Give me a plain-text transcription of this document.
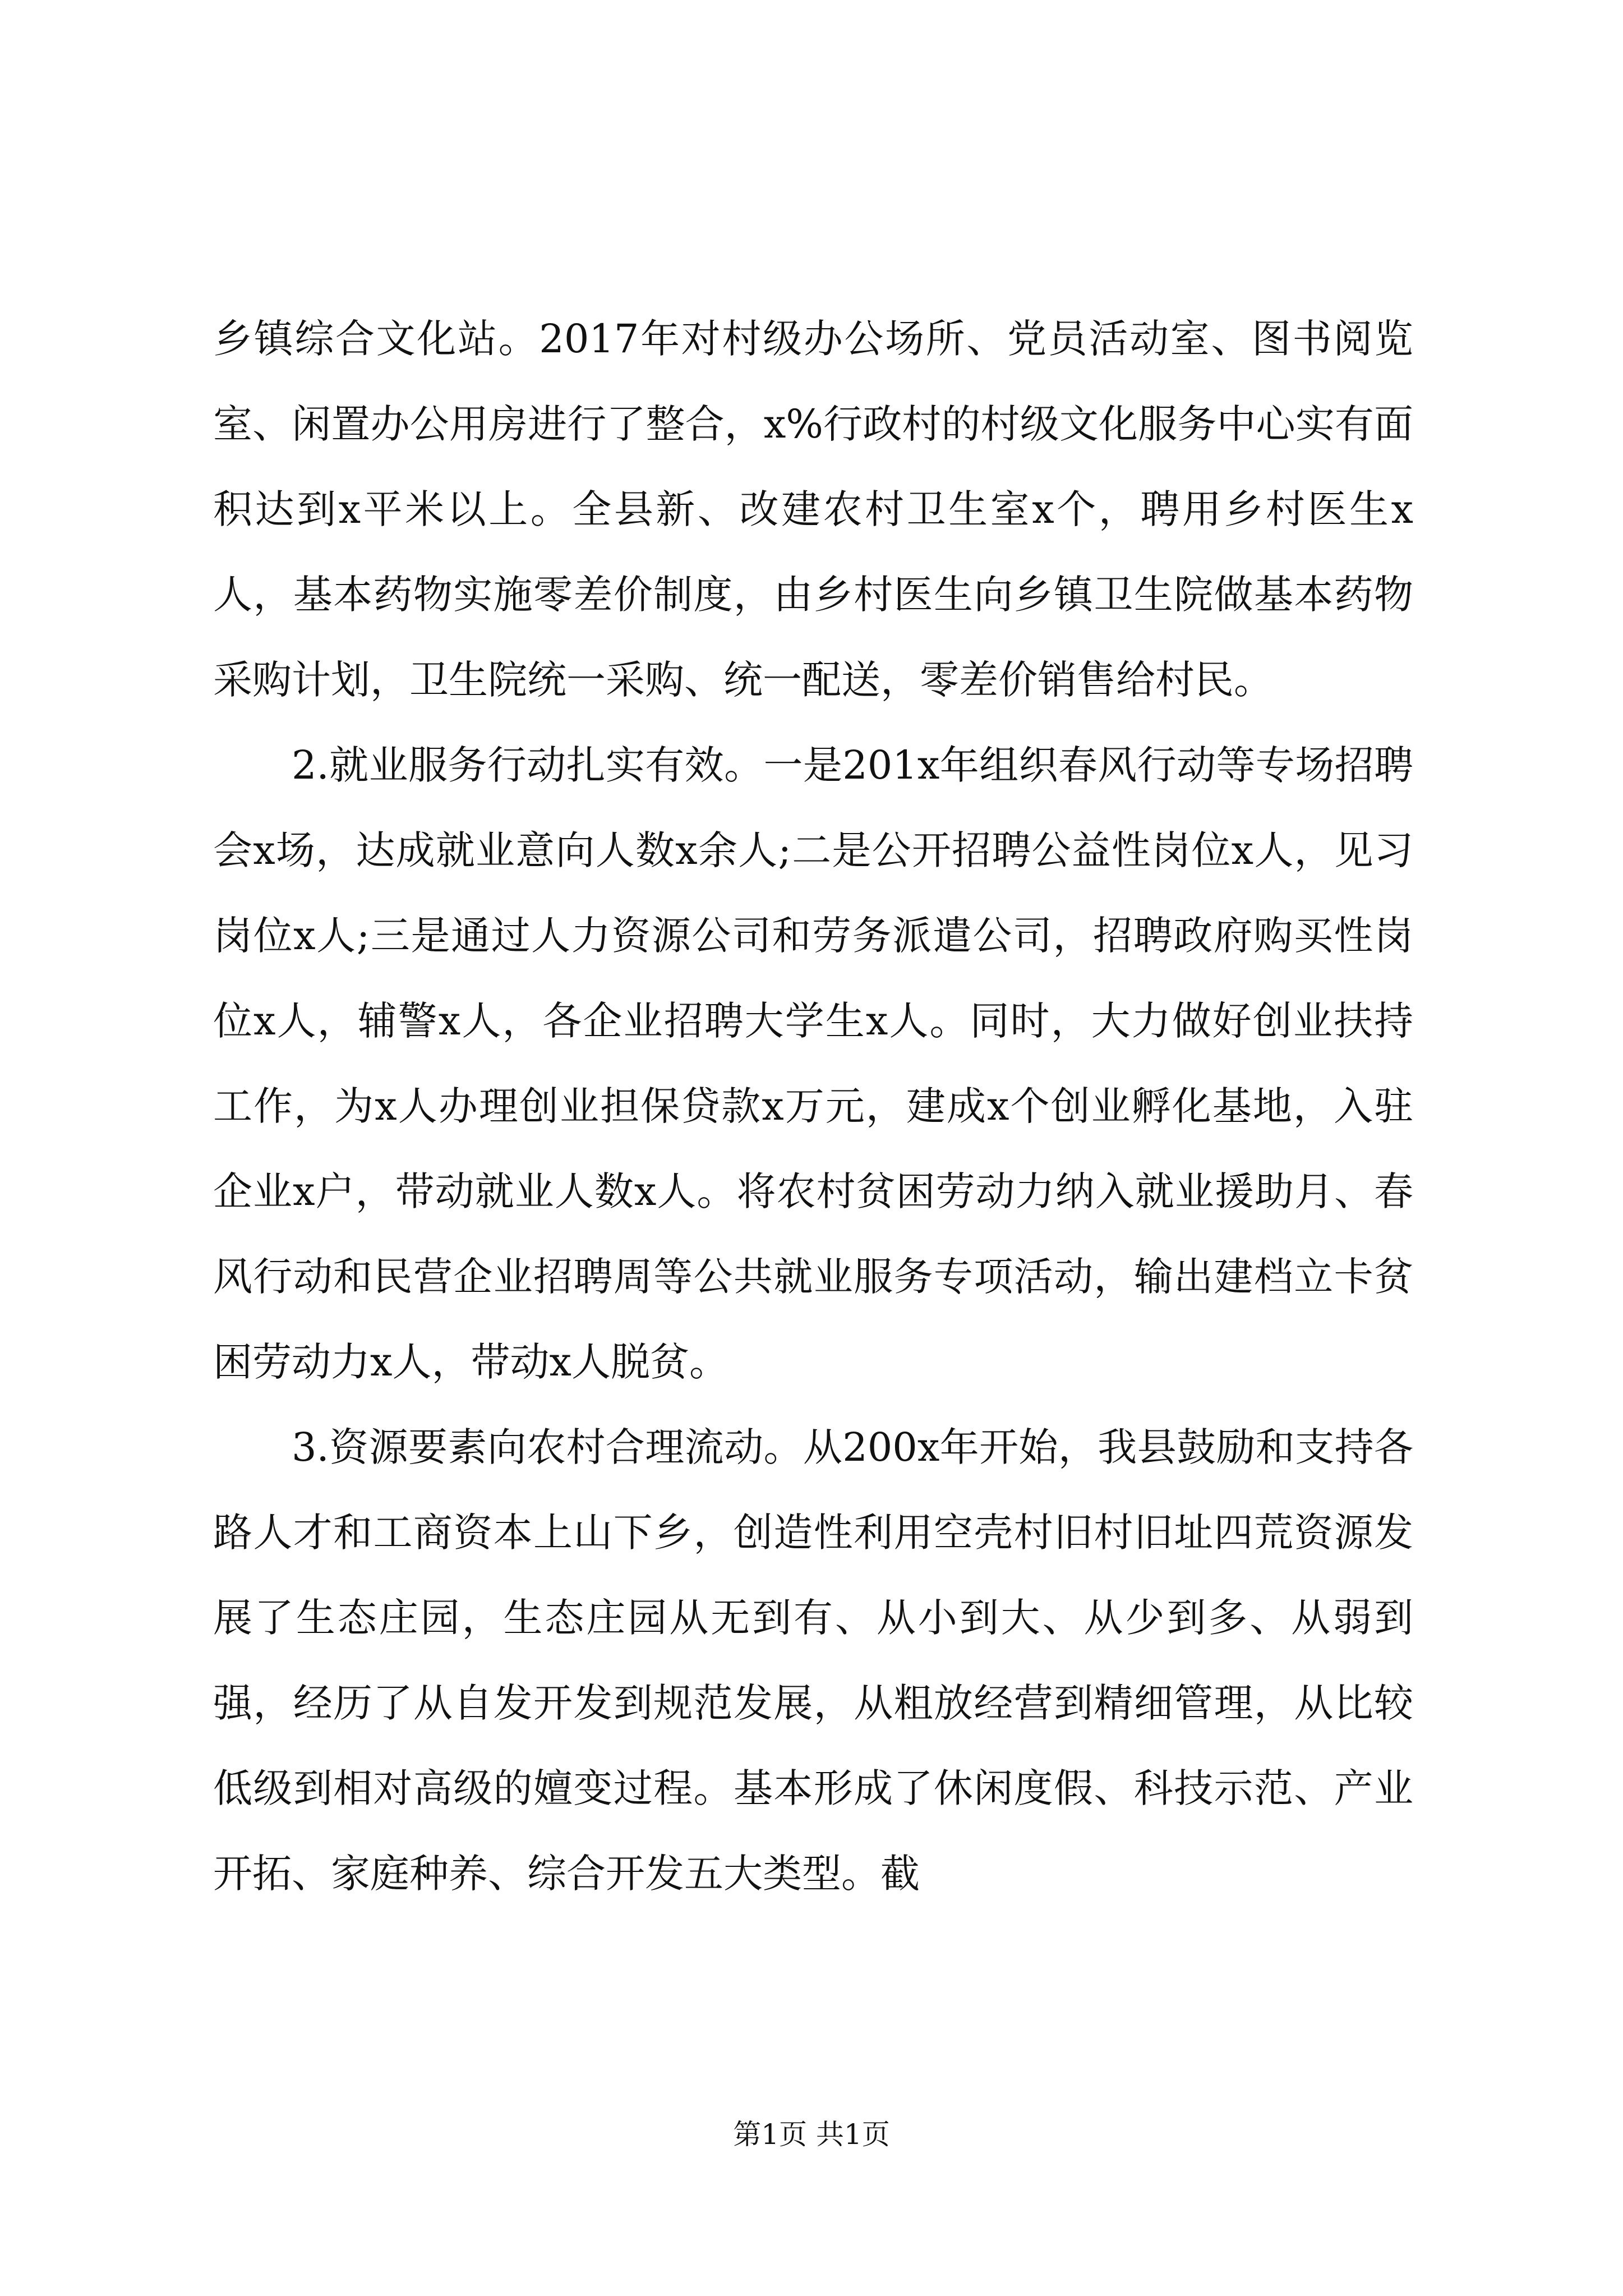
乡镇综合文化站。2017年对村级办公场所、党员活动室、图书阅览室、闲置办公用房进行了整合，x%行政村的村级文化服务中心实有面积达到x平米以上。全县新、改建农村卫生室x个，聘用乡村医生x人，基本药物实施零差价制度，由乡村医生向乡镇卫生院做基本药物采购计划，卫生院统一采购、统一配送，零差价销售给村民。

2.就业服务行动扎实有效。一是201x年组织春风行动等专场招聘会x场，达成就业意向人数x余人;二是公开招聘公益性岗位x人，见习岗位x人;三是通过人力资源公司和劳务派遣公司，招聘政府购买性岗位x人，辅警x人，各企业招聘大学生x人。同时，大力做好创业扶持工作，为x人办理创业担保贷款x万元，建成x个创业孵化基地，入驻企业x户，带动就业人数x人。将农村贫困劳动力纳入就业援助月、春风行动和民营企业招聘周等公共就业服务专项活动，输出建档立卡贫困劳动力x人，带动x人脱贫。

3.资源要素向农村合理流动。从200x年开始，我县鼓励和支持各路人才和工商资本上山下乡，创造性利用空壳村旧村旧址四荒资源发展了生态庄园，生态庄园从无到有、从小到大、从少到多、从弱到强，经历了从自发开发到规范发展，从粗放经营到精细管理，从比较低级到相对高级的嬗变过程。基本形成了休闲度假、科技示范、产业开拓、家庭种养、综合开发五大类型。截

第1页 共1页
